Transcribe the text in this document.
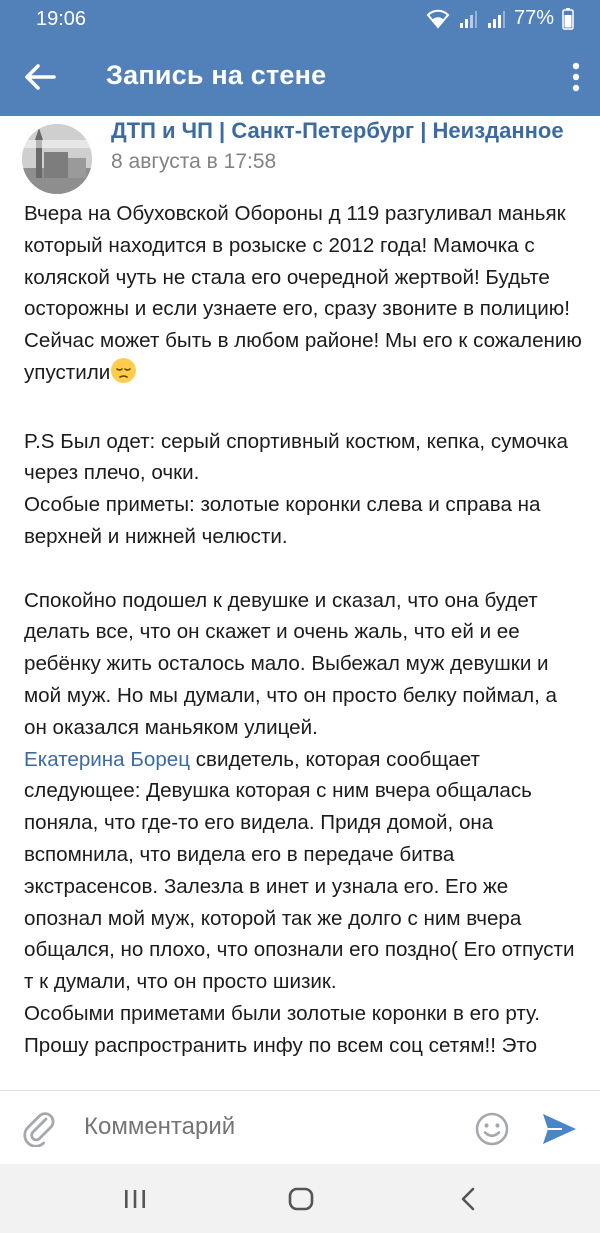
19:06	77%
Запись на стене
ДТП и ЧП | Санкт-Петербург | Неизданное
8 августа в 17:58

Вчера на Обуховской Обороны д 119 разгуливал маньяк который находится в розыске с 2012 года! Мамочка с коляской чуть не стала его очередной жертвой! Будьте осторожны и если узнаете его, сразу звоните в полицию! Сейчас может быть в любом районе! Мы его к сожалению упустили

P.S Был одет: серый спортивный костюм, кепка, сумочка через плечо, очки.

Особые приметы: золотые коронки слева и справа на верхней и нижней челюсти.

Спокойно подошел к девушке и сказал, что она будет делать все, что он скажет и очень жаль, что ей и ее ребёнку жить осталось мало. Выбежал муж девушки и мой муж. Но мы думали, что он просто белку поймал, а он оказался маньяком улицей.

Екатерина Борец свидетель, которая сообщает следующее: Девушка которая с ним вчера общалась поняла, что где-то его видела. Придя домой, она вспомнила, что видела его в передаче битва экстрасенсов. Залезла в инет и узнала его. Его же опознал мой муж, которой так же долго с ним вчера общался, но плохо, что опознали его поздно( Его отпусти т к думали, что он просто шизик.

Особыми приметами были золотые коронки в его рту.

Прошу распространить инфу по всем соц сетям!! Это

Комментарий
